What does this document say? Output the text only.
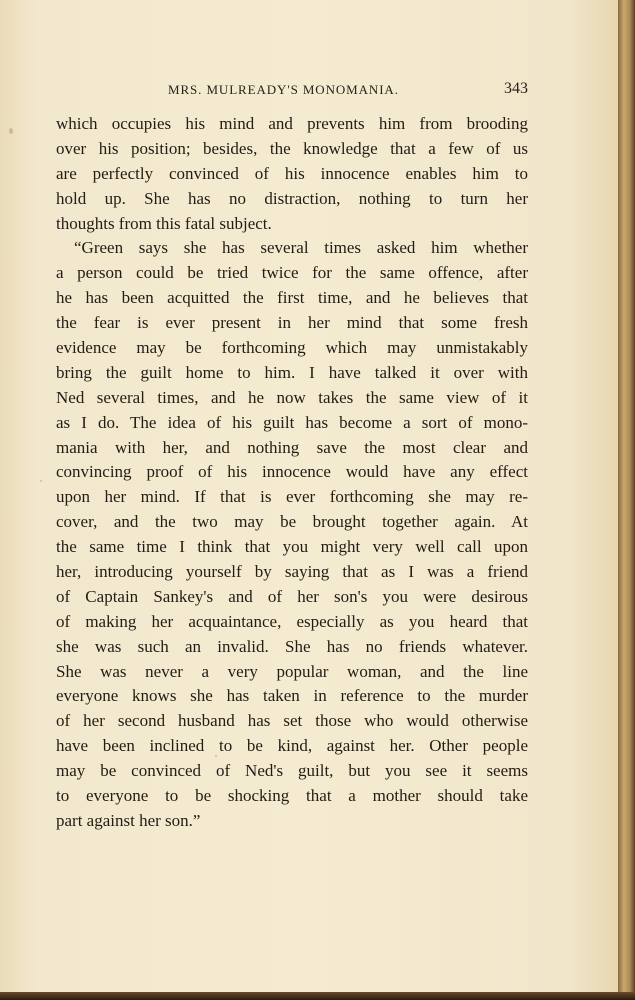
MRS. MULREADY'S MONOMANIA.	343
which occupies his mind and prevents him from brooding
over his position; besides, the knowledge that a few of us
are perfectly convinced of his innocence enables him to
hold up. She has no distraction, nothing to turn her
thoughts from this fatal subject.
“Green says she has several times asked him whether
a person could be tried twice for the same offence, after
he has been acquitted the first time, and he believes that
the fear is ever present in her mind that some fresh
evidence may be forthcoming which may unmistakably
bring the guilt home to him. I have talked it over with
Ned several times, and he now takes the same view of it
as I do. The idea of his guilt has become a sort of mono-
mania with her, and nothing save the most clear and
convincing proof of his innocence would have any effect
upon her mind. If that is ever forthcoming she may re-
cover, and the two may be brought together again. At
the same time I think that you might very well call upon
her, introducing yourself by saying that as I was a friend
of Captain Sankey's and of her son's you were desirous
of making her acquaintance, especially as you heard that
she was such an invalid. She has no friends whatever.
She was never a very popular woman, and the line
everyone knows she has taken in reference to the murder
of her second husband has set those who would otherwise
have been inclined to be kind, against her. Other people
may be convinced of Ned's guilt, but you see it seems
to everyone to be shocking that a mother should take
part against her son.”
